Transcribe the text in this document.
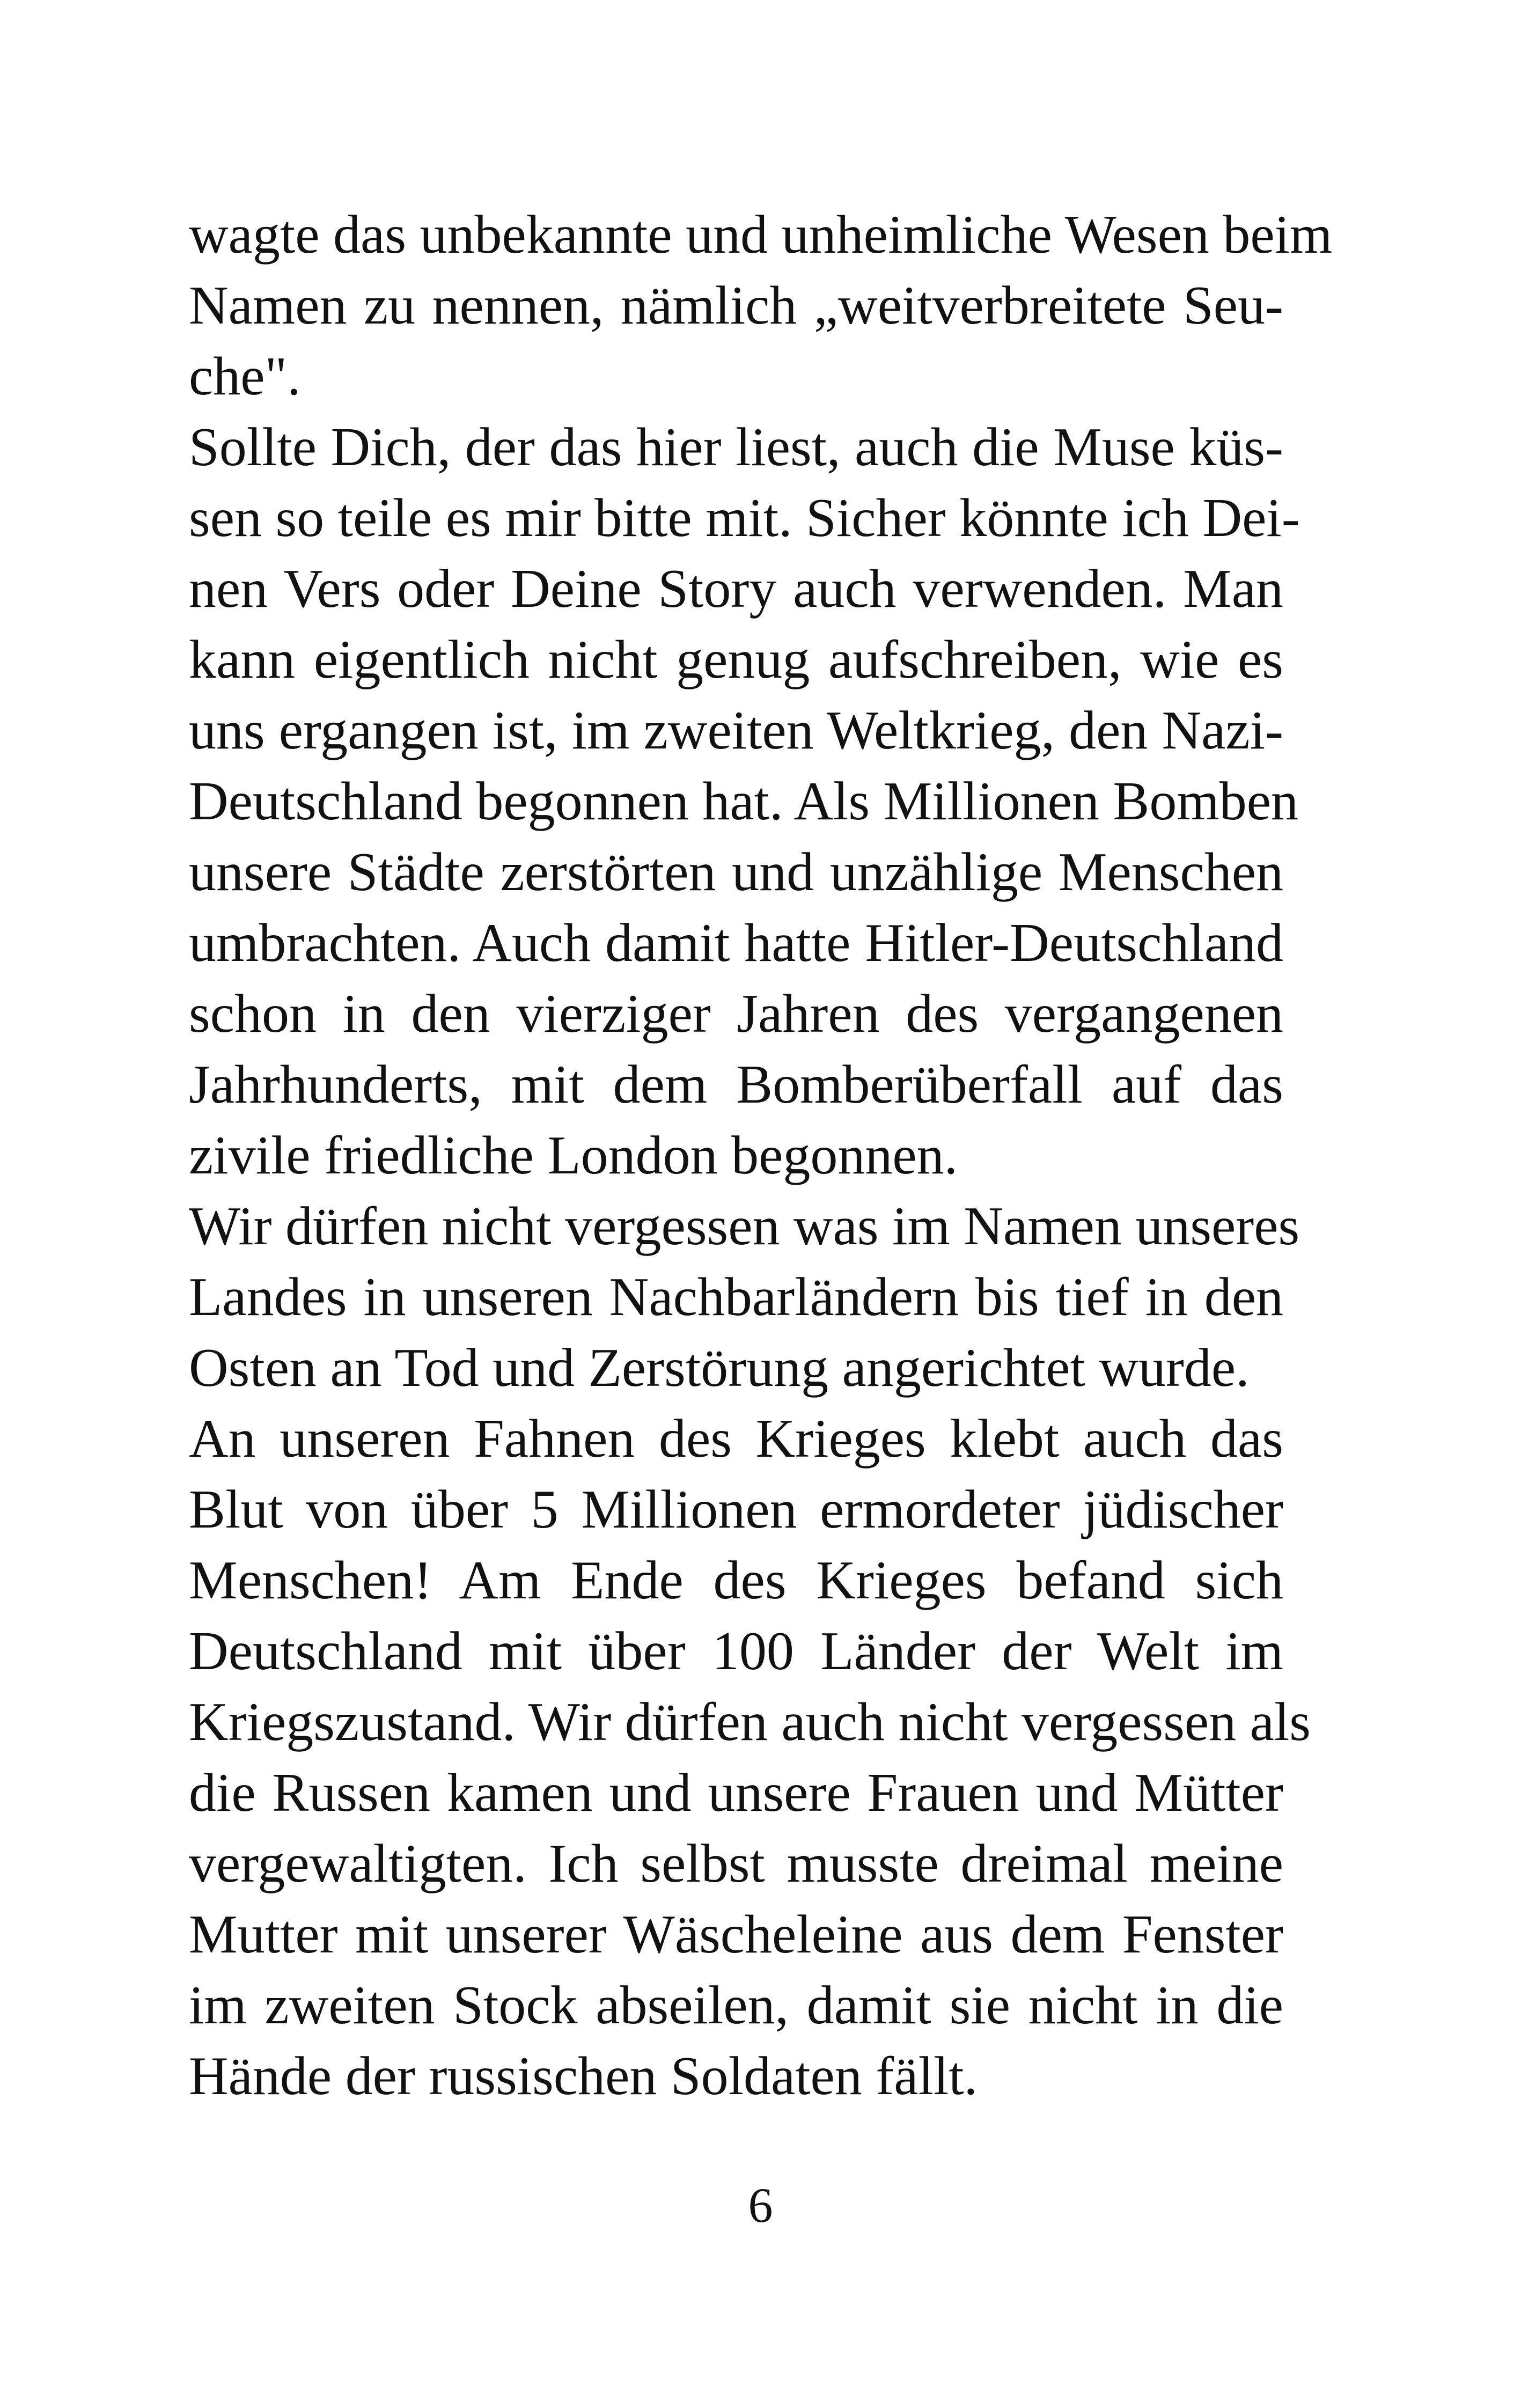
wagte das unbekannte und unheimliche Wesen beim
Namen zu nennen, nämlich „weitverbreitete Seu-
che".
Sollte Dich, der das hier liest, auch die Muse küs-
sen so teile es mir bitte mit. Sicher könnte ich Dei-
nen Vers oder Deine Story auch verwenden. Man
kann eigentlich nicht genug aufschreiben, wie es
uns ergangen ist, im zweiten Weltkrieg, den Nazi-
Deutschland begonnen hat. Als Millionen Bomben
unsere Städte zerstörten und unzählige Menschen
umbrachten. Auch damit hatte Hitler-Deutschland
schon in den vierziger Jahren des vergangenen
Jahrhunderts, mit dem Bomberüberfall auf das
zivile friedliche London begonnen.
Wir dürfen nicht vergessen was im Namen unseres
Landes in unseren Nachbarländern bis tief in den
Osten an Tod und Zerstörung angerichtet wurde.
An unseren Fahnen des Krieges klebt auch das
Blut von über 5 Millionen ermordeter jüdischer
Menschen! Am Ende des Krieges befand sich
Deutschland mit über 100 Länder der Welt im
Kriegszustand. Wir dürfen auch nicht vergessen als
die Russen kamen und unsere Frauen und Mütter
vergewaltigten. Ich selbst musste dreimal meine
Mutter mit unserer Wäscheleine aus dem Fenster
im zweiten Stock abseilen, damit sie nicht in die
Hände der russischen Soldaten fällt.
6
